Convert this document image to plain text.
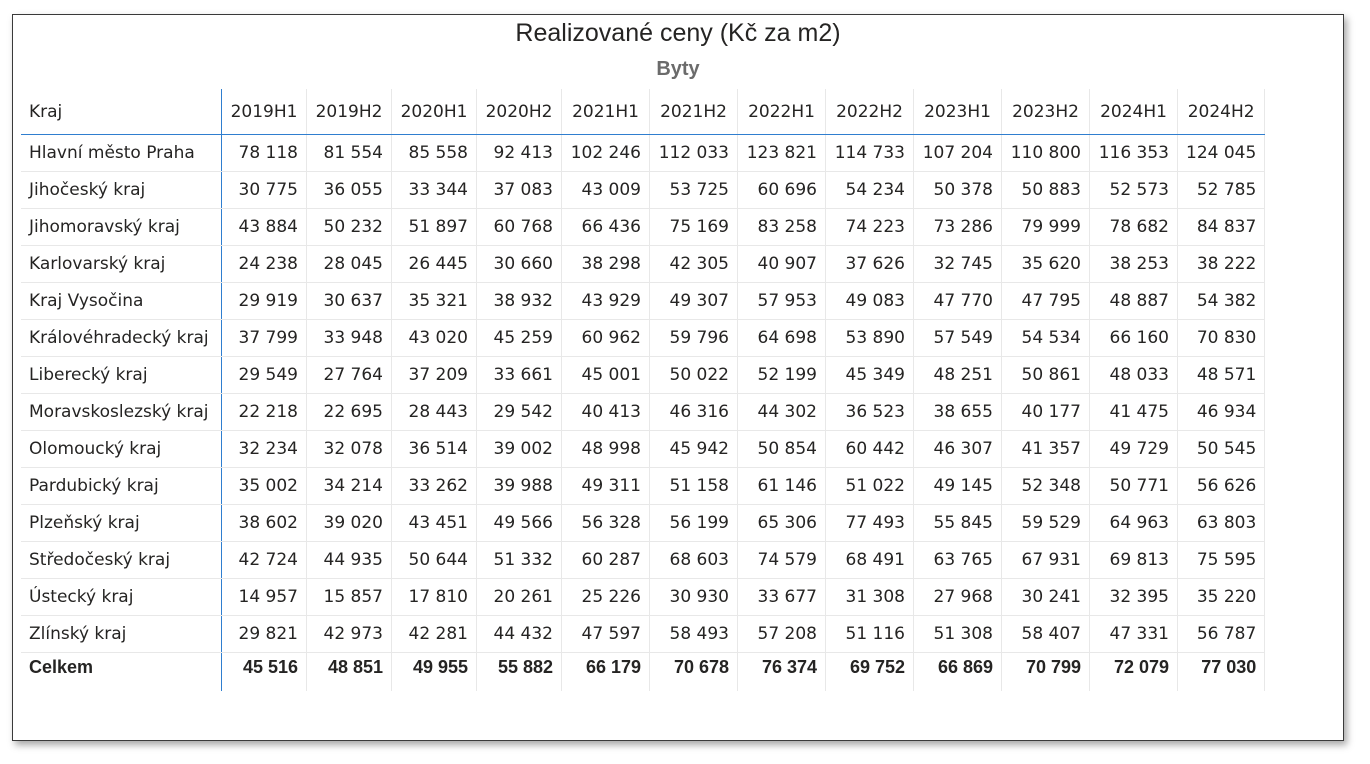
Realizované ceny (Kč za m2)
Byty
Kraj	2019H1	2019H2	2020H1	2020H2	2021H1	2021H2	2022H1	2022H2	2023H1	2023H2	2024H1	2024H2
Hlavní město Praha	78 118	81 554	85 558	92 413	102 246	112 033	123 821	114 733	107 204	110 800	116 353	124 045
Jihočeský kraj	30 775	36 055	33 344	37 083	43 009	53 725	60 696	54 234	50 378	50 883	52 573	52 785
Jihomoravský kraj	43 884	50 232	51 897	60 768	66 436	75 169	83 258	74 223	73 286	79 999	78 682	84 837
Karlovarský kraj	24 238	28 045	26 445	30 660	38 298	42 305	40 907	37 626	32 745	35 620	38 253	38 222
Kraj Vysočina	29 919	30 637	35 321	38 932	43 929	49 307	57 953	49 083	47 770	47 795	48 887	54 382
Královéhradecký kraj	37 799	33 948	43 020	45 259	60 962	59 796	64 698	53 890	57 549	54 534	66 160	70 830
Liberecký kraj	29 549	27 764	37 209	33 661	45 001	50 022	52 199	45 349	48 251	50 861	48 033	48 571
Moravskoslezský kraj	22 218	22 695	28 443	29 542	40 413	46 316	44 302	36 523	38 655	40 177	41 475	46 934
Olomoucký kraj	32 234	32 078	36 514	39 002	48 998	45 942	50 854	60 442	46 307	41 357	49 729	50 545
Pardubický kraj	35 002	34 214	33 262	39 988	49 311	51 158	61 146	51 022	49 145	52 348	50 771	56 626
Plzeňský kraj	38 602	39 020	43 451	49 566	56 328	56 199	65 306	77 493	55 845	59 529	64 963	63 803
Středočeský kraj	42 724	44 935	50 644	51 332	60 287	68 603	74 579	68 491	63 765	67 931	69 813	75 595
Ústecký kraj	14 957	15 857	17 810	20 261	25 226	30 930	33 677	31 308	27 968	30 241	32 395	35 220
Zlínský kraj	29 821	42 973	42 281	44 432	47 597	58 493	57 208	51 116	51 308	58 407	47 331	56 787
Celkem	45 516	48 851	49 955	55 882	66 179	70 678	76 374	69 752	66 869	70 799	72 079	77 030
